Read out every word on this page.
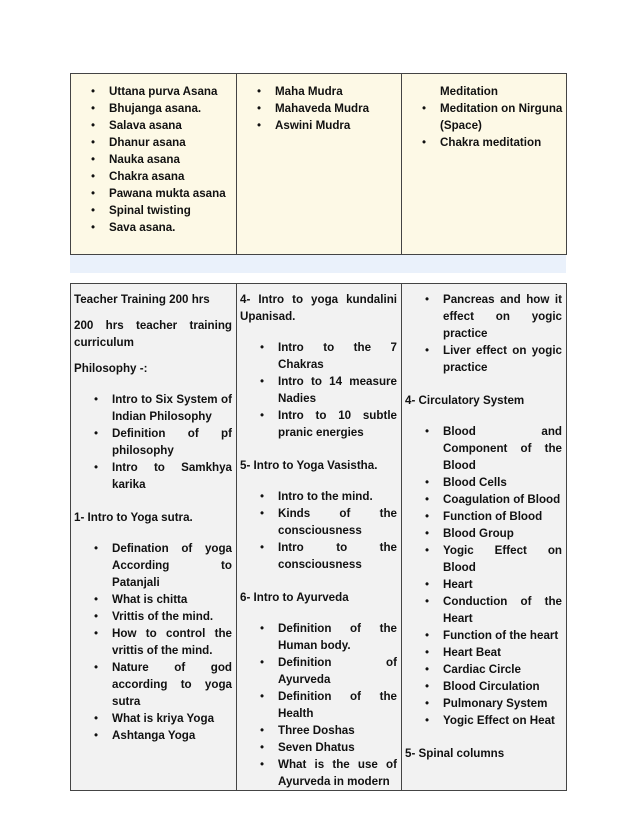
• Uttana purva Asana
• Bhujanga asana.
• Salava asana
• Dhanur asana
• Nauka asana
• Chakra asana
• Pawana mukta asana
• Spinal twisting
• Sava asana.

• Maha Mudra
• Mahaveda Mudra
• Aswini Mudra

Meditation

• Meditation on Nirguna (Space)
• Chakra meditation

Teacher Training 200 hrs

200 hrs teacher training curriculum

Philosophy -:

• Intro to Six System of Indian Philosophy
• Definition of pf philosophy
• Intro to Samkhya karika

1- Intro to Yoga sutra.

• Defination of yoga According to Patanjali
• What is chitta
• Vrittis of the mind.
• How to control the vrittis of the mind.
• Nature of god according to yoga sutra
• What is kriya Yoga
• Ashtanga Yoga

4- Intro to yoga kundalini Upanisad.

• Intro to the 7 Chakras
• Intro to 14 measure Nadies
• Intro to 10 subtle pranic energies

5- Intro to Yoga Vasistha.

• Intro to the mind.
• Kinds of the consciousness
• Intro to the consciousness

6- Intro to Ayurveda

• Definition of the Human body.
• Definition of Ayurveda
• Definition of the Health
• Three Doshas
• Seven Dhatus
• What is the use of Ayurveda in modern

• Pancreas and how it effect on yogic practice
• Liver effect on yogic practice

4- Circulatory System

• Blood and Component of the Blood
• Blood Cells
• Coagulation of Blood
• Function of Blood
• Blood Group
• Yogic Effect on Blood
• Heart
• Conduction of the Heart
• Function of the heart
• Heart Beat
• Cardiac Circle
• Blood Circulation
• Pulmonary System
• Yogic Effect on Heat

5- Spinal columns
